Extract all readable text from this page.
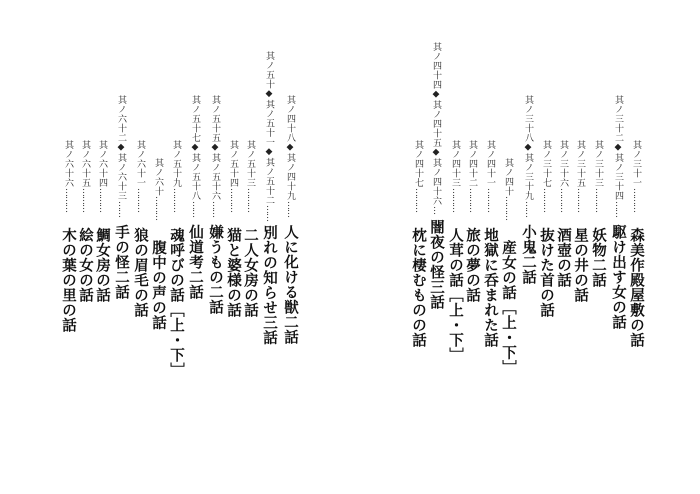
其ノ四十八◆其ノ四十九……人に化ける獣二話
其ノ五十◆其ノ五十一◆其ノ五十二……別れの知らせ三話
其ノ五十三………二人女房の話
其ノ五十四………猫と婆様の話
其ノ五十五◆其ノ五十六……嫌うもの二話
其ノ五十七◆其ノ五十八……仙道考二話
其ノ五十九………魂呼びの話［上・下］
其ノ六十………腹中の声の話
其ノ六十一………狼の眉毛の話
其ノ六十二◆其ノ六十三……手の怪二話
其ノ六十四………鯛女房の話
其ノ六十五………絵の女の話
其ノ六十六………木の葉の里の話
其ノ三十一………森美作殿屋敷の話
其ノ三十二◆其ノ三十四……駆け出す女の話
其ノ三十三………妖物二話
其ノ三十五………星の井の話
其ノ三十六………酒壺の話
其ノ三十七………抜けた首の話
其ノ三十八◆其ノ三十九……小鬼二話
其ノ四十………産女の話［上・下］
其ノ四十一………地獄に呑まれた話
其ノ四十二………旅の夢の話
其ノ四十三………人茸の話［上・下］
其ノ四十四◆其ノ四十五◆其ノ四十六…闇夜の怪三話
其ノ四十七………枕に棲むものの話
